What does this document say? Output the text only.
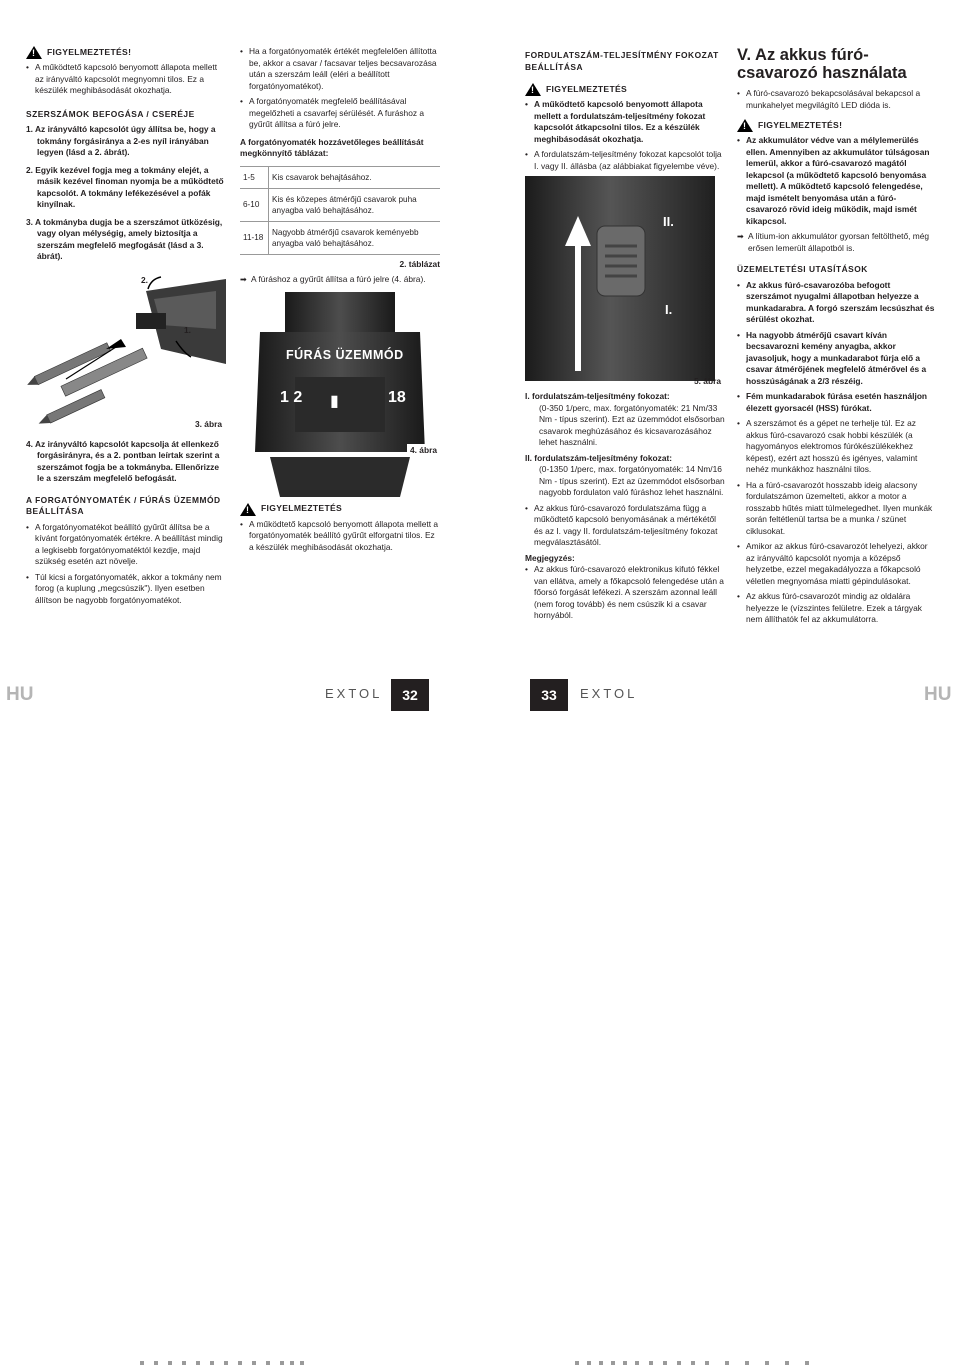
!
FIGYELMEZTETÉS!
• A működtető kapcsoló benyomott állapota mellett az irányváltó kapcsolót megnyomni tilos. Ez a készülék meghibásodását okozhatja.
SZERSZÁMOK BEFOGÁSA / CSERÉJE
1. Az irányváltó kapcsolót úgy állítsa be, hogy a tokmány forgásiránya a 2-es nyíl irányában legyen (lásd a 2. ábrát).
2. Egyik kezével fogja meg a tokmány elejét, a másik kezével finoman nyomja be a működtető kapcsolót. A tokmány lefékezésével a pofák kinyílnak.
3. A tokmányba dugja be a szerszámot ütközésig, vagy olyan mélységig, amely biztosítja a szerszám megfelelő megfogását (lásd a 3. ábrát).
2.
1.
3. ábra
4. Az irányváltó kapcsolót kapcsolja át ellenkező forgásirányra, és a 2. pontban leírtak szerint a szerszámot fogja be a tokmányba. Ellenőrizze le a szerszám megfelelő befogását.
A FORGATÓNYOMATÉK / FÚRÁS ÜZEMMÓD BEÁLLÍTÁSA
• A forgatónyomatékot beállító gyűrűt állítsa be a kívánt forgatónyomaték értékre. A beállítást mindig a legkisebb forgatónyomatéktól kezdje, majd szükség esetén azt növelje.
• Túl kicsi a forgatónyomaték, akkor a tokmány nem forog (a kuplung „megcsúszik"). Ilyen esetben állítson be nagyobb forgatónyomatékot.
• Ha a forgatónyomaték értékét megfelelően állította be, akkor a csavar / facsavar teljes becsavarozása után a szerszám leáll (eléri a beállított forgatónyomatékot).
• A forgatónyomaték megfelelő beállításával megelőzheti a csavarfej sérülését. A furáshoz a gyűrűt állítsa a fúró jelre.
A forgatónyomaték hozzávetőleges beállítását megkönnyítő táblázat:
1-5	Kis csavarok behajtásához.
6-10	Kis és közepes átmérőjű csavarok puha anyagba való behajtásához.
11-18	Nagyobb átmérőjű csavarok keményebb anyagba való behajtásához.
2. táblázat
➡ A fúráshoz a gyűrűt állítsa a fúró jelre (4. ábra).
FÚRÁS ÜZEMMÓD
1 2	18
▮
4. ábra
!
FIGYELMEZTETÉS
• A működtető kapcsoló benyomott állapota mellett a forgatónyomaték beállító gyűrűt elforgatni tilos. Ez a készülék meghibásodását okozhatja.
FORDULATSZÁM-TELJESÍTMÉNY FOKOZAT BEÁLLÍTÁSA
!
FIGYELMEZTETÉS
• A működtető kapcsoló benyomott állapota mellett a fordulatszám-teljesítmény fokozat kapcsolót átkapcsolni tilos. Ez a készülék meghibásodását okozhatja.
• A fordulatszám-teljesítmény fokozat kapcsolót tolja I. vagy II. állásba (az alábbiakat figyelembe véve).
II.
I.
5. ábra
I. fordulatszám-teljesítmény fokozat:
(0-350 1/perc, max. forgatónyomaték: 21 Nm/33 Nm - típus szerint). Ezt az üzemmódot elsősorban csavarok meghúzásához és kicsavarozásához lehet használni.
II. fordulatszám-teljesítmény fokozat:
(0-1350 1/perc, max. forgatónyomaték: 14 Nm/16 Nm - típus szerint). Ezt az üzemmódot elsősorban nagyobb fordulaton való fúráshoz lehet használni.
• Az akkus fúró-csavarozó fordulatszáma függ a működtető kapcsoló benyomásának a mértékétől és az I. vagy II. fordulatszám-teljesítmény fokozat megválasztásától.
Megjegyzés:
• Az akkus fúró-csavarozó elektronikus kifutó fékkel van ellátva, amely a főkapcsoló felengedése után a főorsó forgását lefékezi. A szerszám azonnal leáll (nem forog tovább) és nem csúszik ki a csavar hornyából.
V. Az akkus fúró-csavarozó használata
• A fúró-csavarozó bekapcsolásával bekapcsol a munkahelyet megvilágító LED dióda is.
!
FIGYELMEZTETÉS!
• Az akkumulátor védve van a mélylemerülés ellen. Amennyiben az akkumulátor túlságosan lemerül, akkor a fúró-csavarozó magától lekapcsol (a működtető kapcsoló benyomása mellett). A működtető kapcsoló felengedése, majd ismételt benyomása után a fúró-csavarozó rövid ideig működik, majd ismét kikapcsol.
➡ A lítium-ion akkumulátor gyorsan feltölthető, még erősen lemerült állapotból is.
ÜZEMELTETÉSI UTASÍTÁSOK
• Az akkus fúró-csavarozóba befogott szerszámot nyugalmi állapotban helyezze a munkadarabra. A forgó szerszám lecsúszhat és sérülést okozhat.
• Ha nagyobb átmérőjű csavart kíván becsavarozni kemény anyagba, akkor javasoljuk, hogy a munkadarabot fúrja elő a csavar átmérőjének megfelelő átmérővel és a hosszúságának a 2/3 részéig.
• Fém munkadarabok fúrása esetén használjon élezett gyorsacél (HSS) fúrókat.
• A szerszámot és a gépet ne terhelje túl. Ez az akkus fúró-csavarozó csak hobbi készülék (a hagyományos elektromos fúrókészülékekhez képest), ezért azt hosszú és igényes, valamint nehéz munkákhoz használni tilos.
• Ha a fúró-csavarozót hosszabb ideig alacsony fordulatszámon üzemelteti, akkor a motor a rosszabb hűtés miatt túlmelegedhet. Ilyen munkák során feltétlenül tartsa be a munka / szünet ciklusokat.
• Amikor az akkus fúró-csavarozót lehelyezi, akkor az irányváltó kapcsolót nyomja a középső helyzetbe, ezzel megakadályozza a főkapcsoló véletlen megnyomása miatti gépindulásokat.
• Az akkus fúró-csavarozót mindig az oldalára helyezze le (vízszintes felületre. Ezek a tárgyak nem állíthatók fel az akkumulátorra.
HU	EXTOL	32	33	EXTOL	HU
